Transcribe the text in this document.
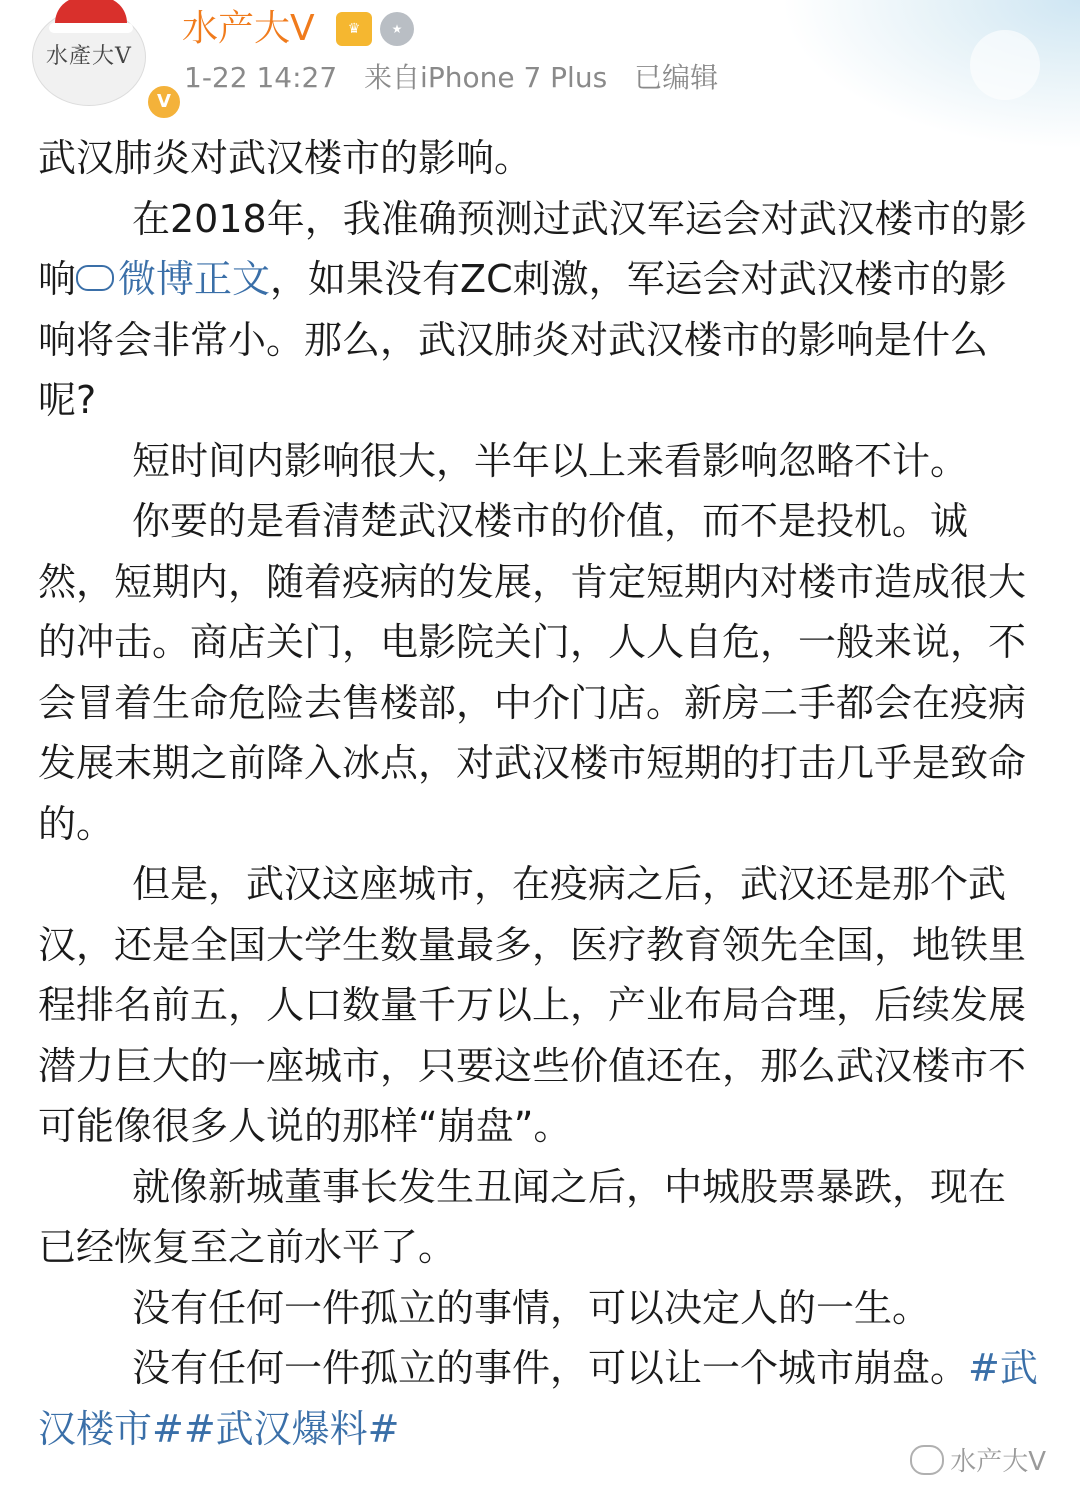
水產大V
V
水产大V	♛	★
1-22 14:27 来自iPhone 7 Plus 已编辑

武汉肺炎对武汉楼市的影响。

在2018年，我准确预测过武汉军运会对武汉楼市的影响 微博正文，如果没有ZC刺激，军运会对武汉楼市的影响将会非常小。那么，武汉肺炎对武汉楼市的影响是什么呢?

短时间内影响很大，半年以上来看影响忽略不计。

你要的是看清楚武汉楼市的价值，而不是投机。诚然，短期内，随着疫病的发展，肯定短期内对楼市造成很大的冲击。商店关门，电影院关门，人人自危，一般来说，不会冒着生命危险去售楼部，中介门店。新房二手都会在疫病发展末期之前降入冰点，对武汉楼市短期的打击几乎是致命的。

但是，武汉这座城市，在疫病之后，武汉还是那个武汉，还是全国大学生数量最多，医疗教育领先全国，地铁里程排名前五，人口数量千万以上，产业布局合理，后续发展潜力巨大的一座城市，只要这些价值还在，那么武汉楼市不可能像很多人说的那样“崩盘”。

就像新城董事长发生丑闻之后，中城股票暴跌，现在已经恢复至之前水平了。

没有任何一件孤立的事情，可以决定人的一生。

没有任何一件孤立的事件，可以让一个城市崩盘。#武汉楼市##武汉爆料#

水产大V
